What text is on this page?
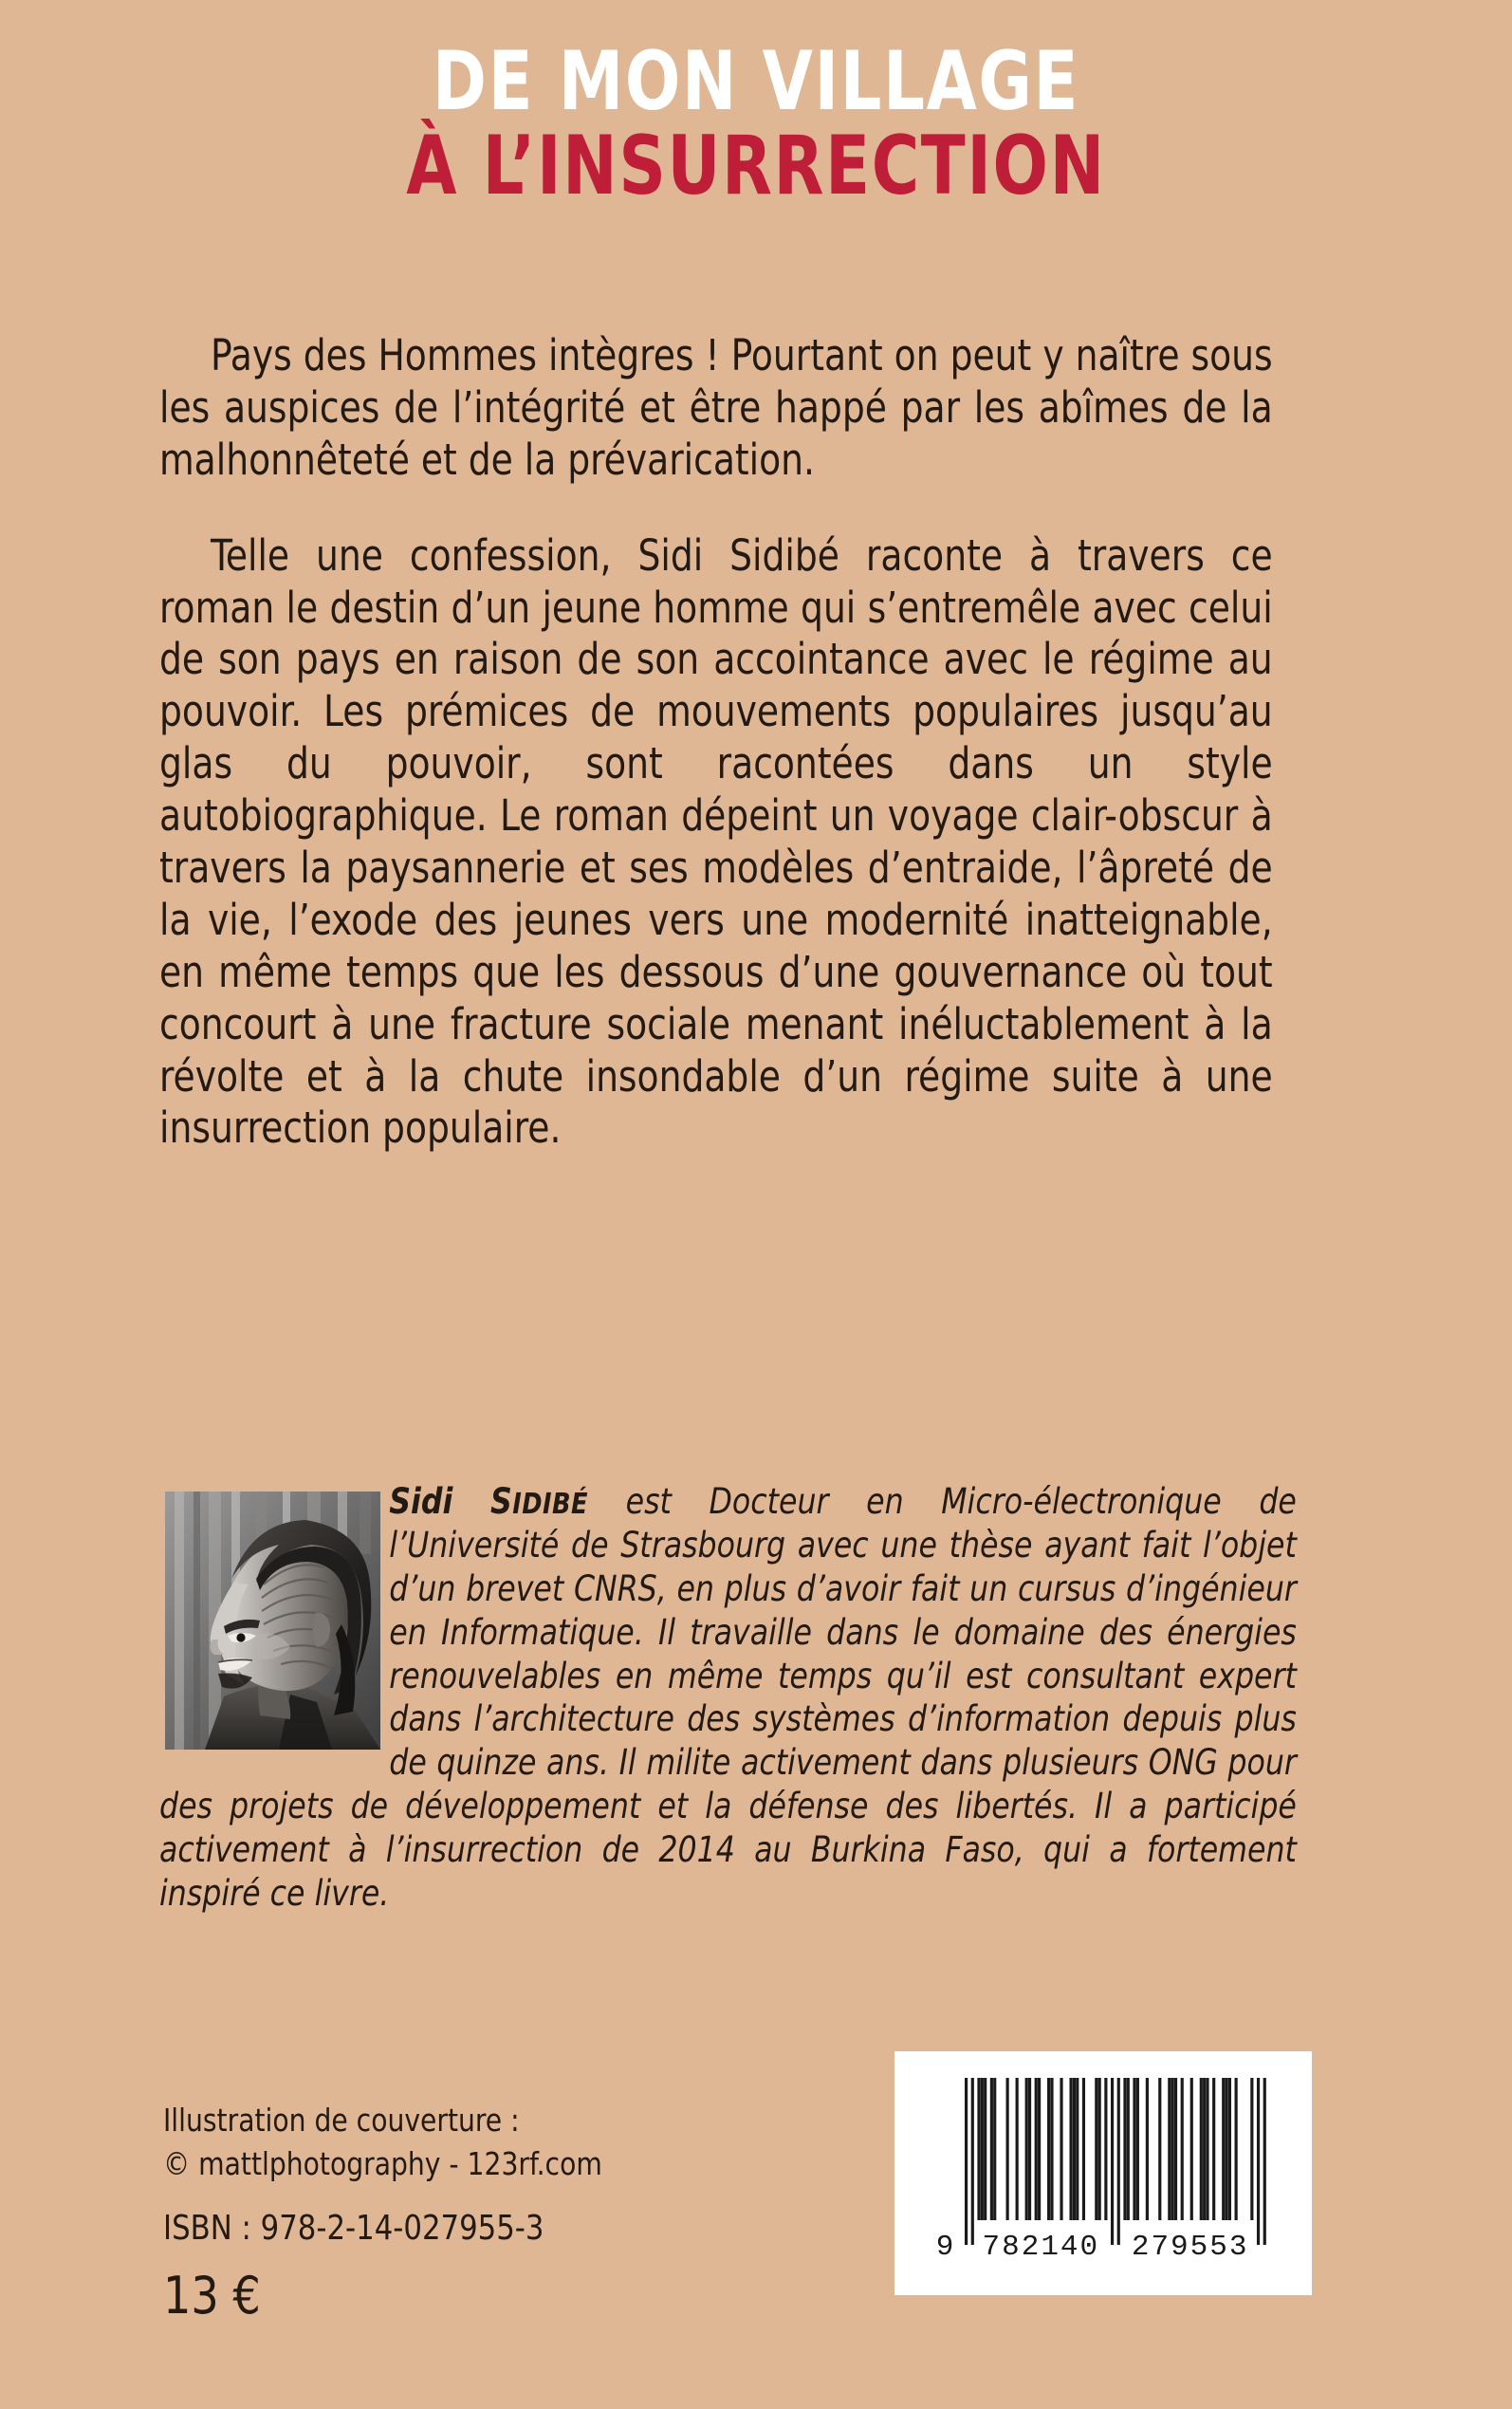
DE MON VILLAGE
À L’INSURRECTION

Pays des Hommes intègres ! Pourtant on peut y naître sous les auspices de l’intégrité et être happé par les abîmes de la malhonnêteté et de la prévarication.

Telle une confession, Sidi Sidibé raconte à travers ce roman le destin d’un jeune homme qui s’entremêle avec celui de son pays en raison de son accointance avec le régime au pouvoir. Les prémices de mouvements populaires jusqu’au glas du pouvoir, sont racontées dans un style autobiographique. Le roman dépeint un voyage clair-obscur à travers la paysannerie et ses modèles d’entraide, l’âpreté de la vie, l’exode des jeunes vers une modernité inatteignable, en même temps que les dessous d’une gouvernance où tout concourt à une fracture sociale menant inéluctablement à la révolte et à la chute insondable d’un régime suite à une insurrection populaire.

Sidi SIDIBÉ est Docteur en Micro-électronique de l’Université de Strasbourg avec une thèse ayant fait l’objet d’un brevet CNRS, en plus d’avoir fait un cursus d’ingénieur en Informatique. Il travaille dans le domaine des énergies renouvelables en même temps qu’il est consultant expert dans l’architecture des systèmes d’information depuis plus de quinze ans. Il milite activement dans plusieurs ONG pour des projets de développement et la défense des libertés. Il a participé activement à l’insurrection de 2014 au Burkina Faso, qui a fortement inspiré ce livre.
Illustration de couverture :
© mattlphotography - 123rf.com
ISBN : 978-2-14-027955-3
13 €
9 782140 279553
